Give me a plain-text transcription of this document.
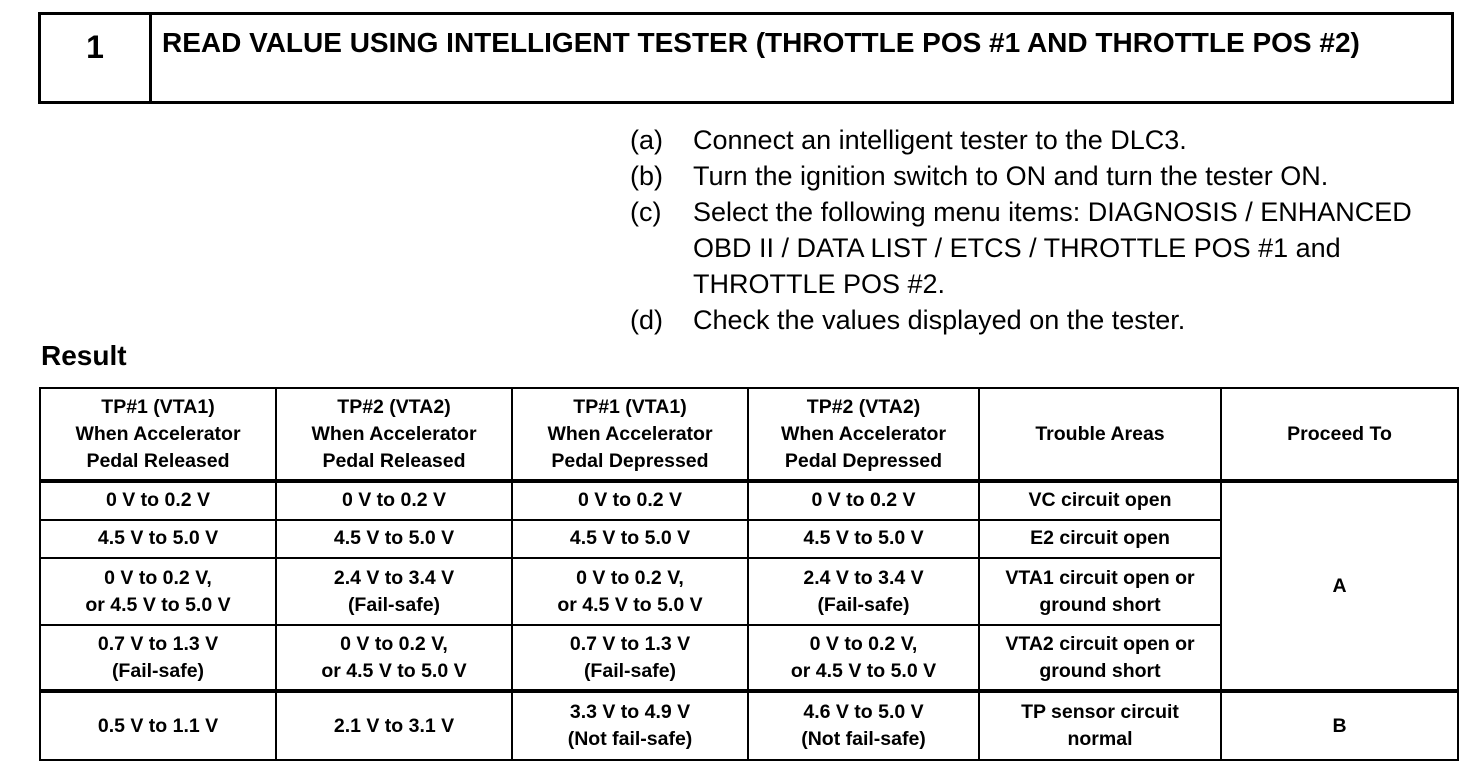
1	READ VALUE USING INTELLIGENT TESTER (THROTTLE POS #1 AND THROTTLE POS #2)
(a)	Connect an intelligent tester to the DLC3.
(b)	Turn the ignition switch to ON and turn the tester ON.
(c)	Select the following menu items: DIAGNOSIS / ENHANCED OBD II / DATA LIST / ETCS / THROTTLE POS #1 and THROTTLE POS #2.
(d)	Check the values displayed on the tester.
Result
TP#1 (VTA1)
When Accelerator
Pedal Released	TP#2 (VTA2)
When Accelerator
Pedal Released	TP#1 (VTA1)
When Accelerator
Pedal Depressed	TP#2 (VTA2)
When Accelerator
Pedal Depressed	Trouble Areas	Proceed To

0 V to 0.2 V	0 V to 0.2 V	0 V to 0.2 V	0 V to 0.2 V	VC circuit open	A

4.5 V to 5.0 V	4.5 V to 5.0 V	4.5 V to 5.0 V	4.5 V to 5.0 V	E2 circuit open	

0 V to 0.2 V,
or 4.5 V to 5.0 V	2.4 V to 3.4 V
(Fail-safe)	0 V to 0.2 V,
or 4.5 V to 5.0 V	2.4 V to 3.4 V
(Fail-safe)	VTA1 circuit open or
ground short	

0.7 V to 1.3 V
(Fail-safe)	0 V to 0.2 V,
or 4.5 V to 5.0 V	0.7 V to 1.3 V
(Fail-safe)	0 V to 0.2 V,
or 4.5 V to 5.0 V	VTA2 circuit open or
ground short	

0.5 V to 1.1 V	2.1 V to 3.1 V	3.3 V to 4.9 V
(Not fail-safe)	4.6 V to 5.0 V
(Not fail-safe)	TP sensor circuit
normal	B
